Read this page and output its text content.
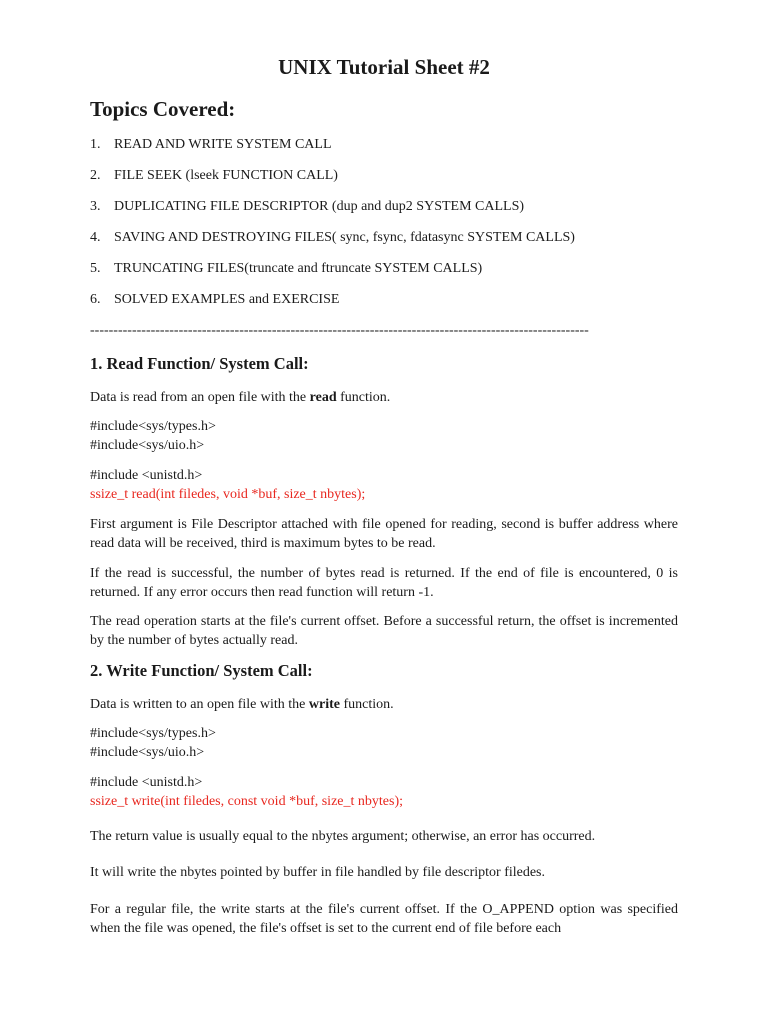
UNIX Tutorial Sheet #2
Topics Covered:
1. READ AND WRITE SYSTEM CALL
2. FILE SEEK (lseek FUNCTION CALL)
3. DUPLICATING FILE DESCRIPTOR (dup and dup2 SYSTEM CALLS)
4. SAVING AND DESTROYING FILES( sync, fsync, fdatasync SYSTEM CALLS)
5. TRUNCATING FILES(truncate and ftruncate SYSTEM CALLS)
6. SOLVED EXAMPLES and EXERCISE
-----------------------------------------------------------------------------------------------------------
1. Read Function/ System Call:

Data is read from an open file with the read function.

#include<sys/types.h>

#include<sys/uio.h>

#include <unistd.h>

ssize_t read(int filedes, void *buf, size_t nbytes);

First argument is File Descriptor attached with file opened for reading, second is buffer address where read data will be received, third is maximum bytes to be read.

If the read is successful, the number of bytes read is returned. If the end of file is encountered, 0 is returned. If any error occurs then read function will return -1.

The read operation starts at the file's current offset. Before a successful return, the offset is incremented by the number of bytes actually read.

2. Write Function/ System Call:

Data is written to an open file with the write function.

#include<sys/types.h>

#include<sys/uio.h>

#include <unistd.h>

ssize_t write(int filedes, const void *buf, size_t nbytes);

The return value is usually equal to the nbytes argument; otherwise, an error has occurred.

It will write the nbytes pointed by buffer in file handled by file descriptor filedes.

For a regular file, the write starts at the file's current offset. If the O_APPEND option was specified when the file was opened, the file's offset is set to the current end of file before each
